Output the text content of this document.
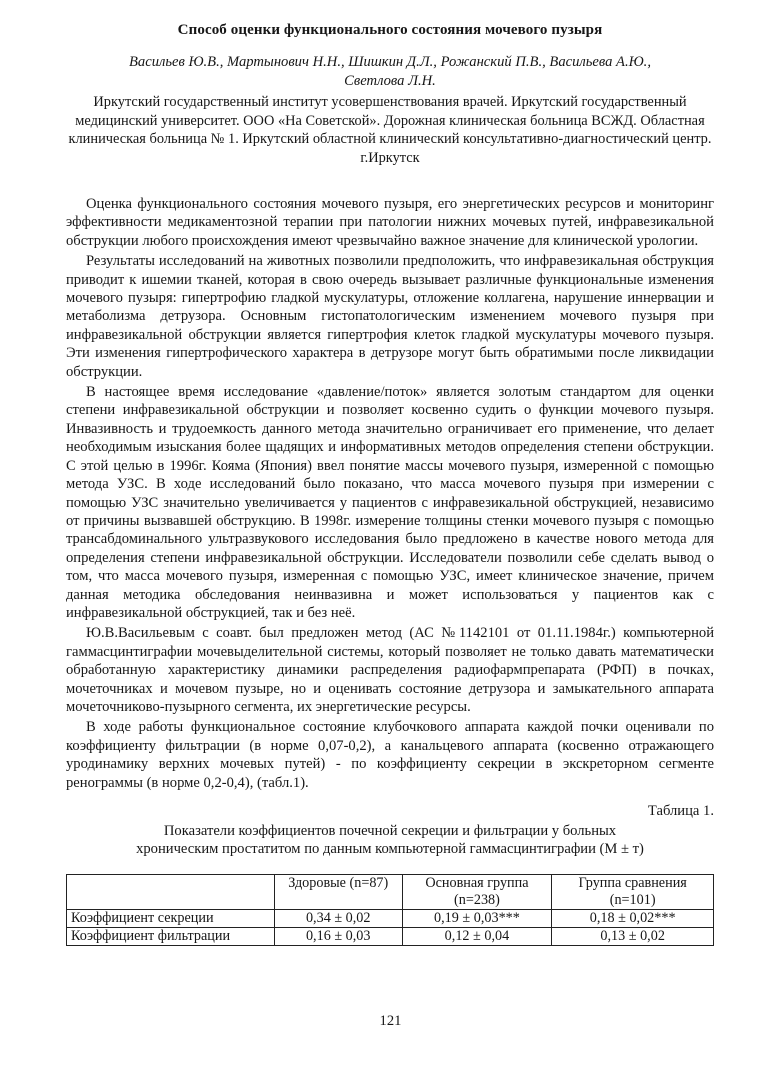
Способ оценки функционального состояния мочевого пузыря
Васильев Ю.В., Мартынович Н.Н., Шишкин Д.Л., Рожанский П.В., Васильева А.Ю.,
Светлова Л.Н.
Иркутский государственный институт усовершенствования врачей. Иркутский государственный медицинский университет. ООО «На Советской». Дорожная клиническая больница ВСЖД. Областная клиническая больница № 1. Иркутский областной клинический консультативно-диагностический центр. г.Иркутск

Оценка функционального состояния мочевого пузыря, его энергетических ресурсов и мониторинг эффективности медикаментозной терапии при патологии нижних мочевых путей, инфравезикальной обструкции любого происхождения имеют чрезвычайно важное значение для клинической урологии.

Результаты исследований на животных позволили предположить, что инфравезикальная обструкция приводит к ишемии тканей, которая в свою очередь вызывает различные функциональные изменения мочевого пузыря: гипертрофию гладкой мускулатуры, отложение коллагена, нарушение иннервации и метаболизма детрузора. Основным гистопатологическим изменением мочевого пузыря при инфравезикальной обструкции является гипертрофия клеток гладкой мускулатуры мочевого пузыря. Эти изменения гипертрофического характера в детрузоре могут быть обратимыми после ликвидации обструкции.

В настоящее время исследование «давление/поток» является золотым стандартом для оценки степени инфравезикальной обструкции и позволяет косвенно судить о функции мочевого пузыря. Инвазивность и трудоемкость данного метода значительно ограничивает его применение, что делает необходимым изыскания более щадящих и информативных методов определения степени обструкции. С этой целью в 1996г. Кояма (Япония) ввел понятие массы мочевого пузыря, измеренной с помощью метода УЗС. В ходе исследований было показано, что масса мочевого пузыря при измерении с помощью УЗС значительно увеличивается у пациентов с инфравезикальной обструкцией, независимо от причины вызвавшей обструкцию. В 1998г. измерение толщины стенки мочевого пузыря с помощью трансабдоминального ультразвукового исследования было предложено в качестве нового метода для определения степени инфравезикальной обструкции. Исследователи позволили себе сделать вывод о том, что масса мочевого пузыря, измеренная с помощью УЗС, имеет клиническое значение, причем данная методика обследования неинвазивна и может использоваться у пациентов как с инфравезикальной обструкцией, так и без неё.

Ю.В.Васильевым с соавт. был предложен метод (АС №1142101 от 01.11.1984г.) компьютерной гаммасцинтиграфии мочевыделительной системы, который позволяет не только давать математически обработанную характеристику динамики распределения радиофармпрепарата (РФП) в почках, мочеточниках и мочевом пузыре, но и оценивать состояние детрузора и замыкательного аппарата мочеточниково-пузырного сегмента, их энергетические ресурсы.

В ходе работы функциональное состояние клубочкового аппарата каждой почки оценивали по коэффициенту фильтрации (в норме 0,07-0,2), а канальцевого аппарата (косвенно отражающего уродинамику верхних мочевых путей) - по коэффициенту секреции в экскреторном сегменте ренограммы (в норме 0,2-0,4), (табл.1).

Таблица 1.
Показатели коэффициентов почечной секреции и фильтрации у больных
хроническим простатитом по данным компьютерной гаммасцинтиграфии (M ± т)
	Здоровые (n=87)	Основная группа (n=238)	Группа сравнения (n=101)
Коэффициент секреции	0,34 ± 0,02	0,19 ± 0,03***	0,18 ± 0,02***
Коэффициент фильтрации	0,16 ± 0,03	0,12 ± 0,04	0,13 ± 0,02
121
